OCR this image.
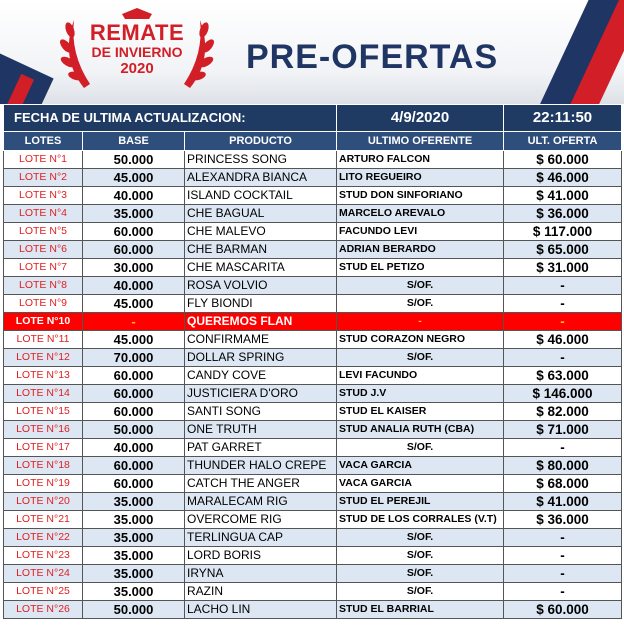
REMATE
DE INVIERNO
2020	PRE-OFERTAS
FECHA DE ULTIMA ACTUALIZACION:			4/9/2020	22:11:50
LOTES	BASE	PRODUCTO	ULTIMO OFERENTE	ULT. OFERTA
LOTE N°1	50.000	PRINCESS SONG	ARTURO FALCON	$ 60.000
LOTE N°2	45.000	ALEXANDRA BIANCA	LITO REGUEIRO	$ 46.000
LOTE N°3	40.000	ISLAND COCKTAIL	STUD DON SINFORIANO	$ 41.000
LOTE N°4	35.000	CHE BAGUAL	MARCELO AREVALO	$ 36.000
LOTE N°5	60.000	CHE MALEVO	FACUNDO LEVI	$ 117.000
LOTE N°6	60.000	CHE BARMAN	ADRIAN BERARDO	$ 65.000
LOTE N°7	30.000	CHE MASCARITA	STUD EL PETIZO	$ 31.000
LOTE N°8	40.000	ROSA VOLVIO	S/OF.	-
LOTE N°9	45.000	FLY BIONDI	S/OF.	-
LOTE N°10	-	QUEREMOS FLAN	-	-
LOTE N°11	45.000	CONFIRMAME	STUD CORAZON NEGRO	$ 46.000
LOTE N°12	70.000	DOLLAR SPRING	S/OF.	-
LOTE N°13	60.000	CANDY COVE	LEVI FACUNDO	$ 63.000
LOTE N°14	60.000	JUSTICIERA D'ORO	STUD J.V	$ 146.000
LOTE N°15	60.000	SANTI SONG	STUD EL KAISER	$ 82.000
LOTE N°16	50.000	ONE TRUTH	STUD ANALIA RUTH (CBA)	$ 71.000
LOTE N°17	40.000	PAT GARRET	S/OF.	-
LOTE N°18	60.000	THUNDER HALO CREPE	VACA GARCIA	$ 80.000
LOTE N°19	60.000	CATCH THE ANGER	VACA GARCIA	$ 68.000
LOTE N°20	35.000	MARALECAM RIG	STUD EL PEREJIL	$ 41.000
LOTE N°21	35.000	OVERCOME RIG	STUD DE LOS CORRALES (V.T)	$ 36.000
LOTE N°22	35.000	TERLINGUA CAP	S/OF.	-
LOTE N°23	35.000	LORD BORIS	S/OF.	-
LOTE N°24	35.000	IRYNA	S/OF.	-
LOTE N°25	35.000	RAZIN	S/OF.	-
LOTE N°26	50.000	LACHO LIN	STUD EL BARRIAL	$ 60.000
